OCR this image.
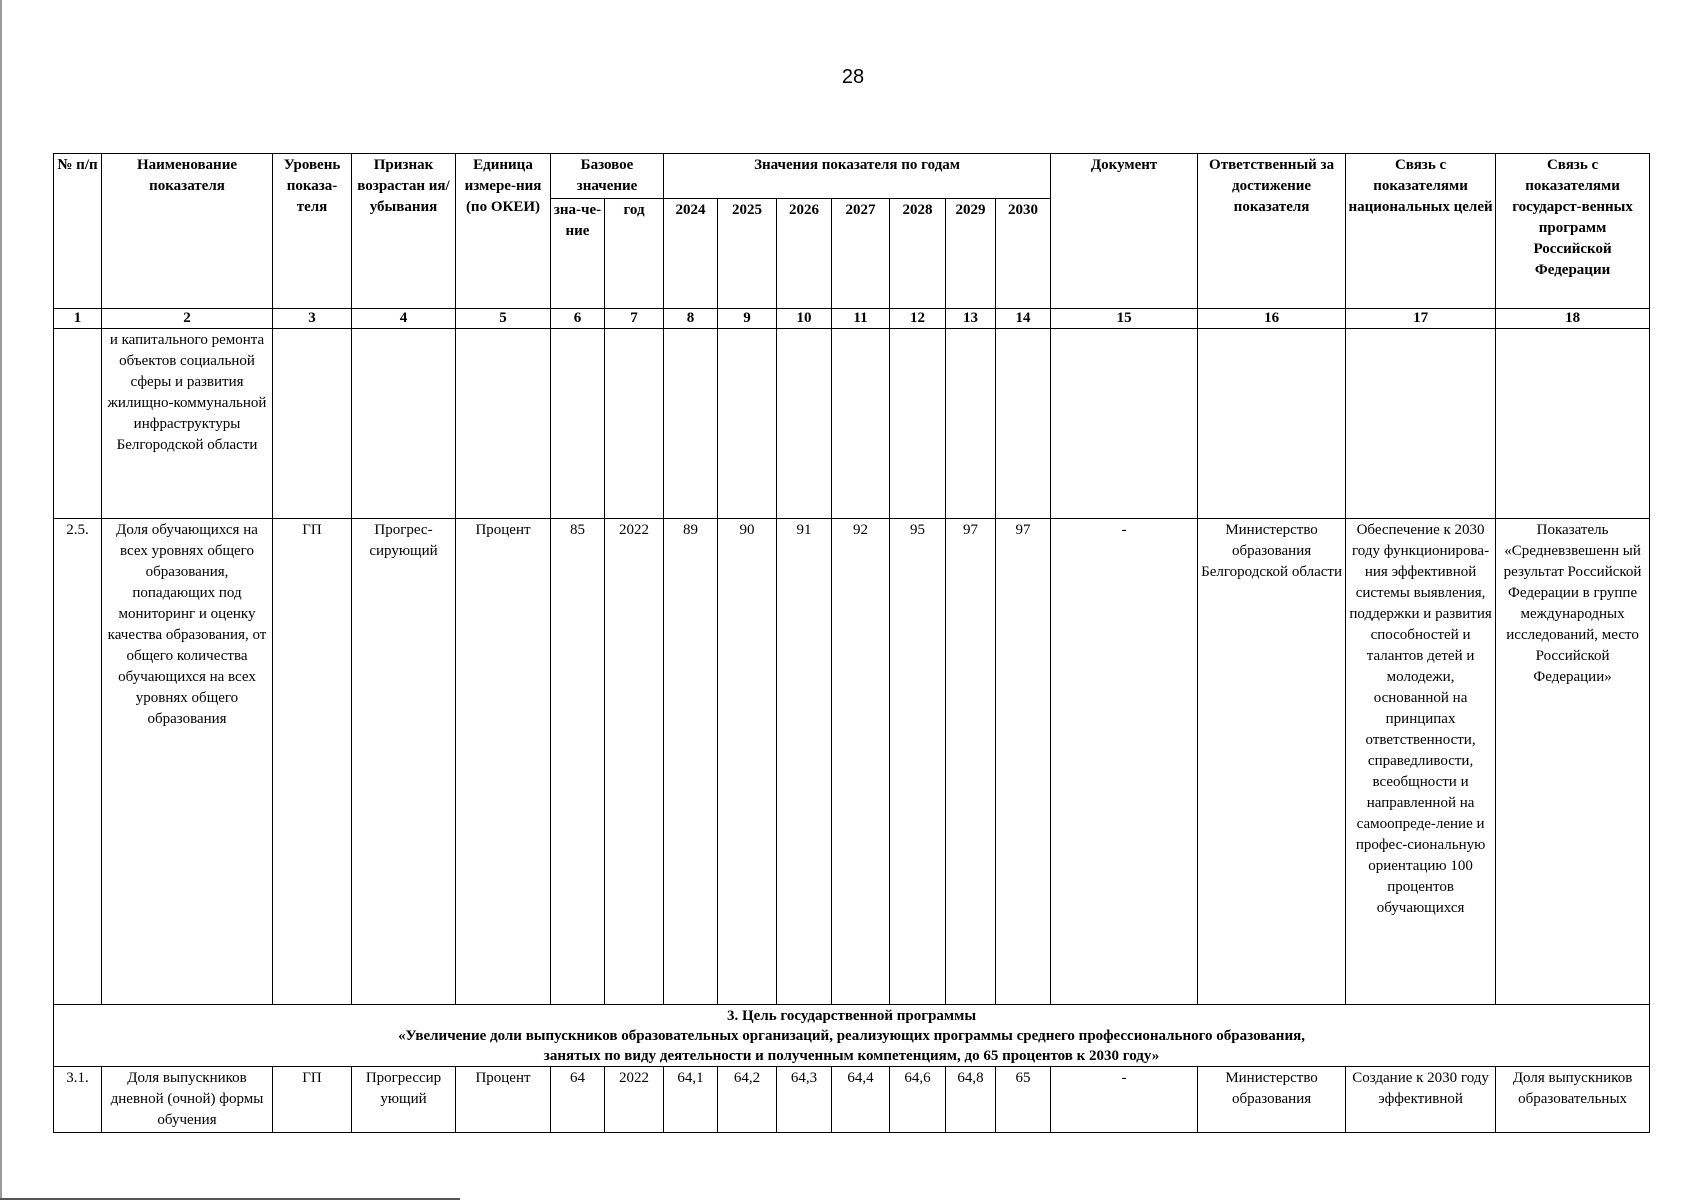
28
№ п/п	Наименование показателя	Уровень показа-теля	Признак возрастан ия/ убывания	Единица измере-ния (по ОКЕИ)	Базовое значение		Значения показателя по годам							Документ	Ответственный за достижение показателя	Связь с показателями национальных целей	Связь с показателями государст-венных программ Российской Федерации
					зна-че-ние	год	2024	2025	2026	2027	2028	2029	2030				

1	2	3	4	5	6	7	8	9	10	11	12	13	14	15	16	17	18
	и капитального ремонта объектов социальной сферы и развития жилищно-коммунальной инфраструктуры Белгородской области																
2.5.	Доля обучающихся на всех уровнях общего образования, попадающих под мониторинг и оценку качества образования, от общего количества обучающихся на всех уровнях общего образования	ГП	Прогрес-сирующий	Процент	85	2022	89	90	91	92	95	97	97	-	Министерство образования Белгородской области	Обеспечение к 2030 году функционирова-ния эффективной системы выявления, поддержки и развития способностей и талантов детей и молодежи, основанной на принципах ответственности, справедливости, всеобщности и направленной на самоопреде-ление и профес-сиональную ориентацию 100 процентов обучающихся	Показатель «Средневзвешенн ый результат Российской Федерации в группе международных исследований, место Российской Федерации»

3. Цель государственной программы
«Увеличение доли выпускников образовательных организаций, реализующих программы среднего профессионального образования,
занятых по виду деятельности и полученным компетенциям, до 65 процентов к 2030 году»																	

3.1.	Доля выпускников дневной (очной) формы обучения	ГП	Прогрессир ующий	Процент	64	2022	64,1	64,2	64,3	64,4	64,6	64,8	65	-	Министерство образования	Создание к 2030 году эффективной	Доля выпускников образовательных
